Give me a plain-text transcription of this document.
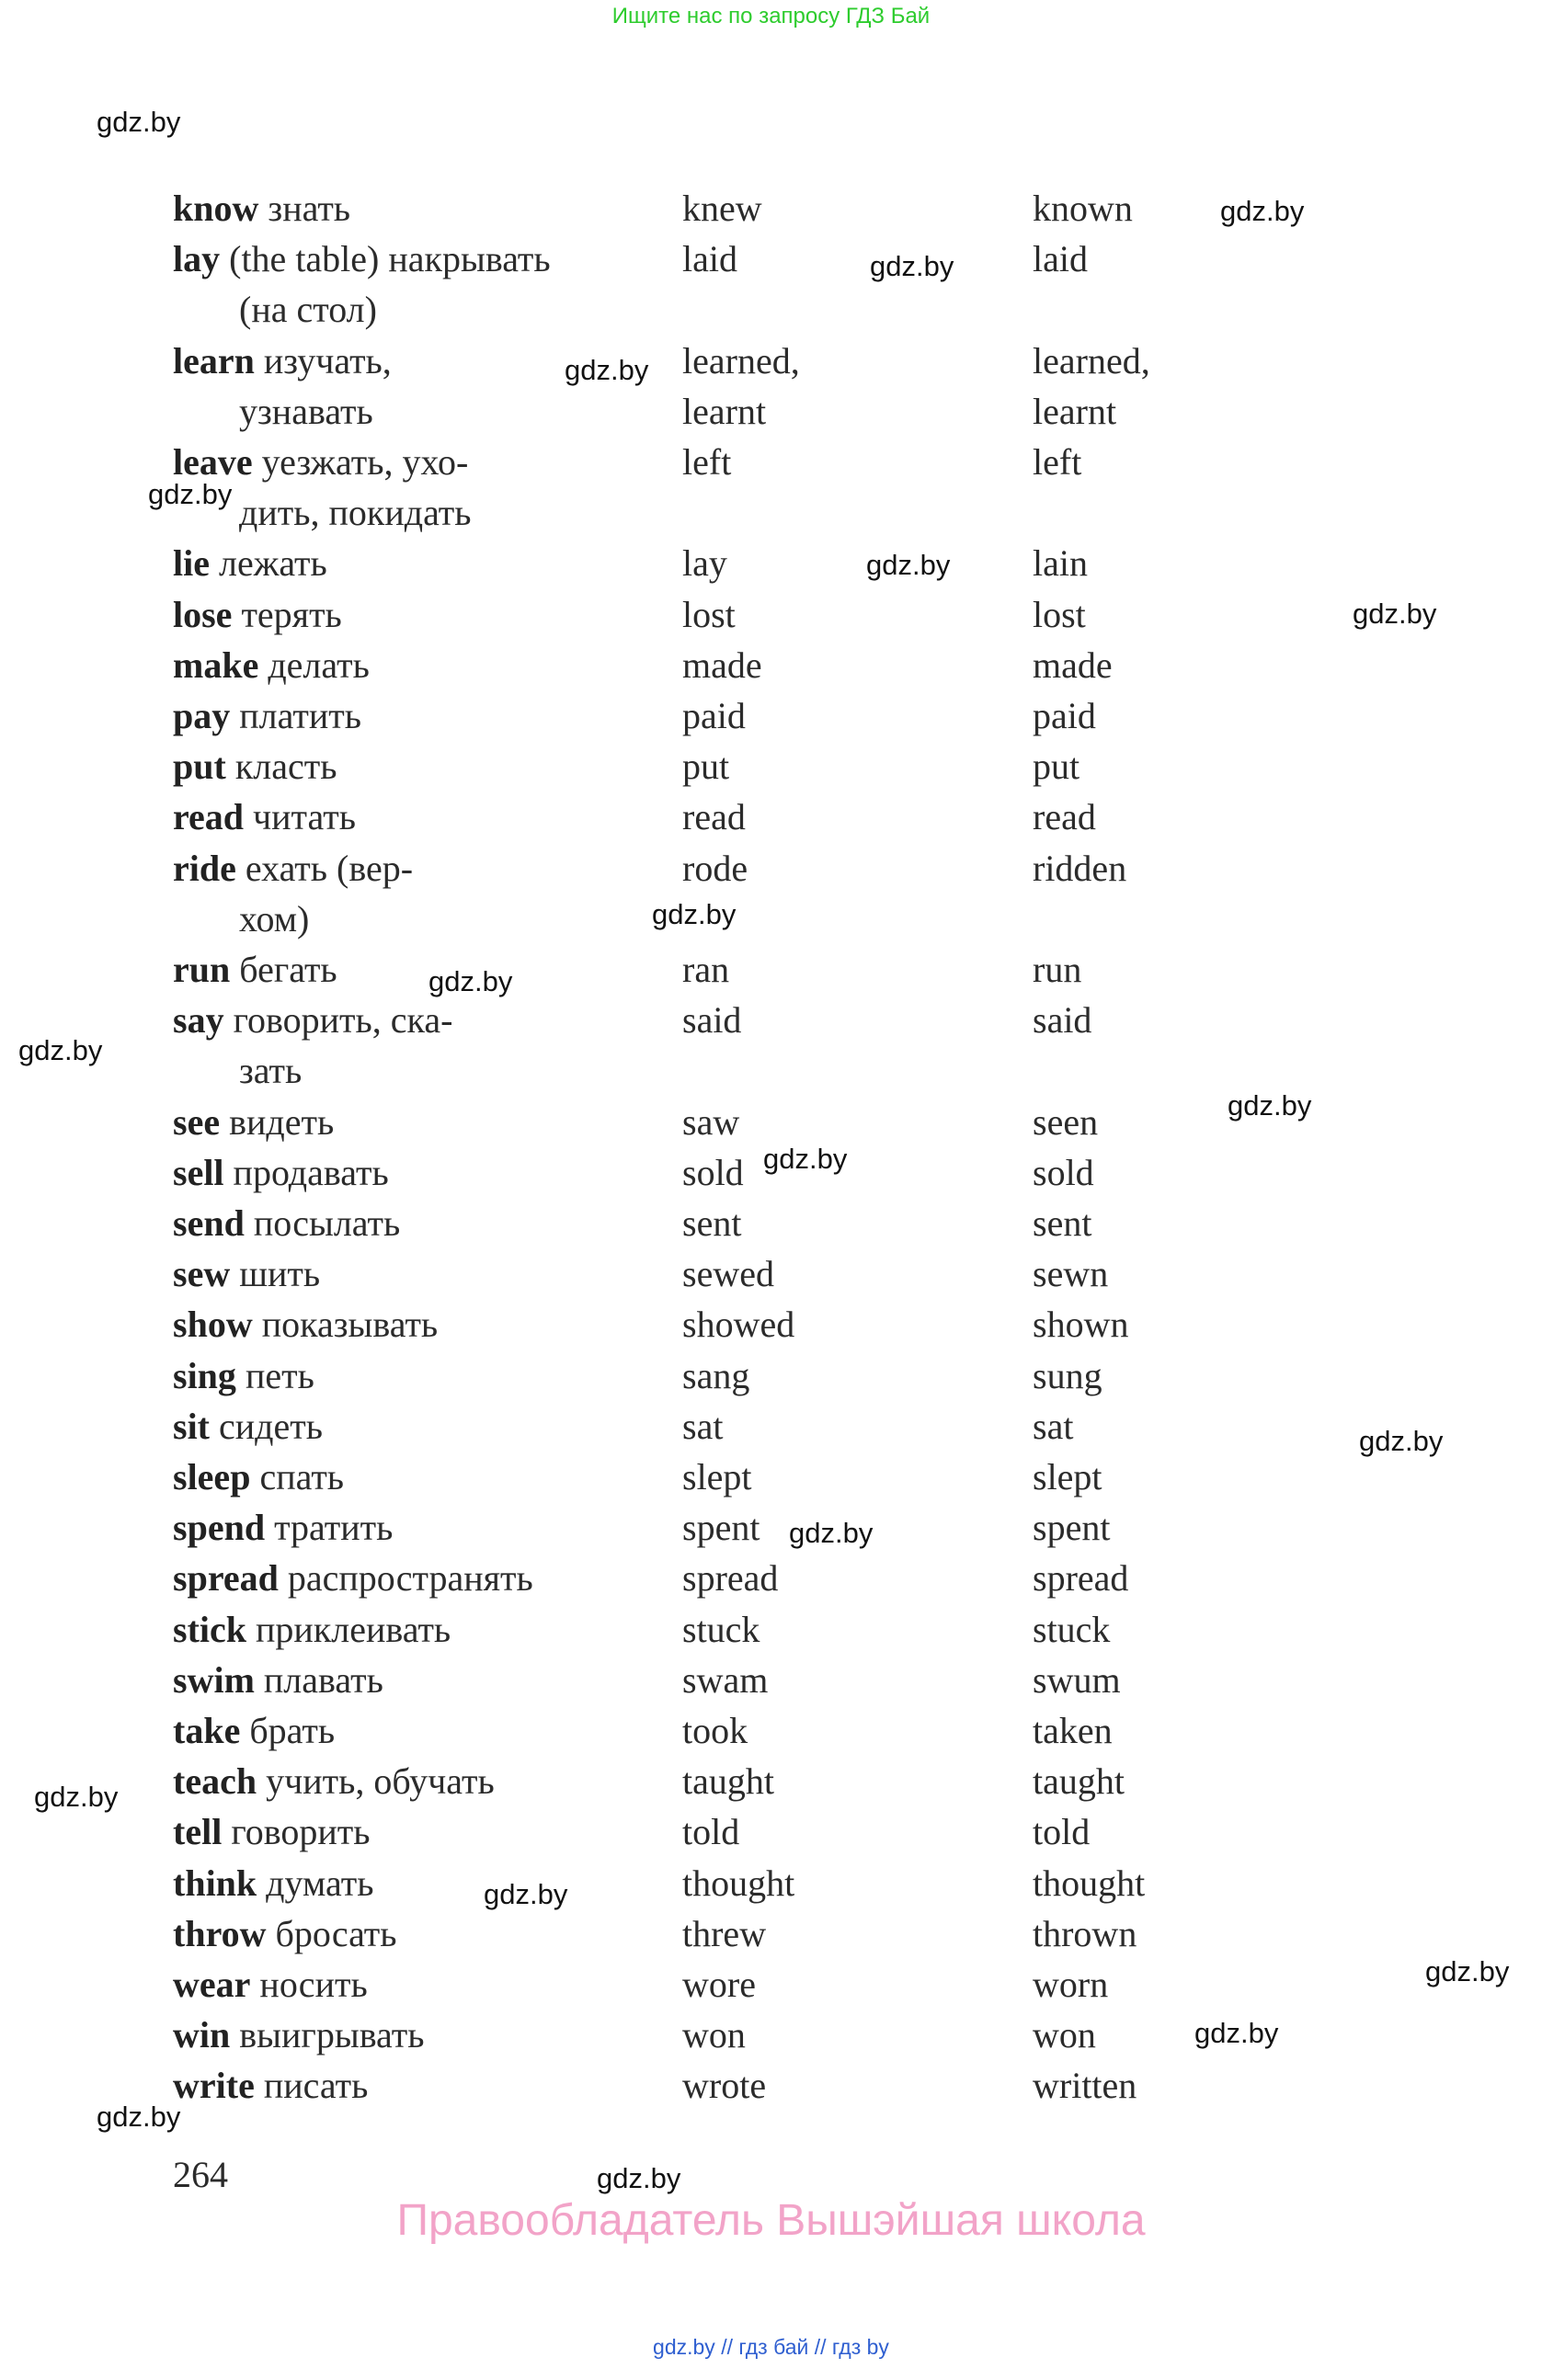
Ищите нас по запросу ГДЗ Бай
know знать	knew	known
lay (the table) накрывать	laid	laid
(на стол)
learn изучать,	learned,	learned,
узнавать	learnt	learnt
leave уезжать, ухо-	left	left
дить, покидать
lie лежать	lay	lain
lose терять	lost	lost
make делать	made	made
pay платить	paid	paid
put класть	put	put
read читать	read	read
ride ехать (вер-	rode	ridden
хом)
run бегать	ran	run
say говорить, ска-	said	said
зать
see видеть	saw	seen
sell продавать	sold	sold
send посылать	sent	sent
sew шить	sewed	sewn
show показывать	showed	shown
sing петь	sang	sung
sit сидеть	sat	sat
sleep спать	slept	slept
spend тратить	spent	spent
spread распространять	spread	spread
stick приклеивать	stuck	stuck
swim плавать	swam	swum
take брать	took	taken
teach учить, обучать	taught	taught
tell говорить	told	told
think думать	thought	thought
throw бросать	threw	thrown
wear носить	wore	worn
win выигрывать	won	won
write писать	wrote	written
264
Правообладатель Вышэйшая школа
gdz.by // гдз бай // гдз by
gdz.by
gdz.by
gdz.by
gdz.by
gdz.by
gdz.by
gdz.by
gdz.by
gdz.by
gdz.by
gdz.by
gdz.by
gdz.by
gdz.by
gdz.by
gdz.by
gdz.by
gdz.by
gdz.by
gdz.by
